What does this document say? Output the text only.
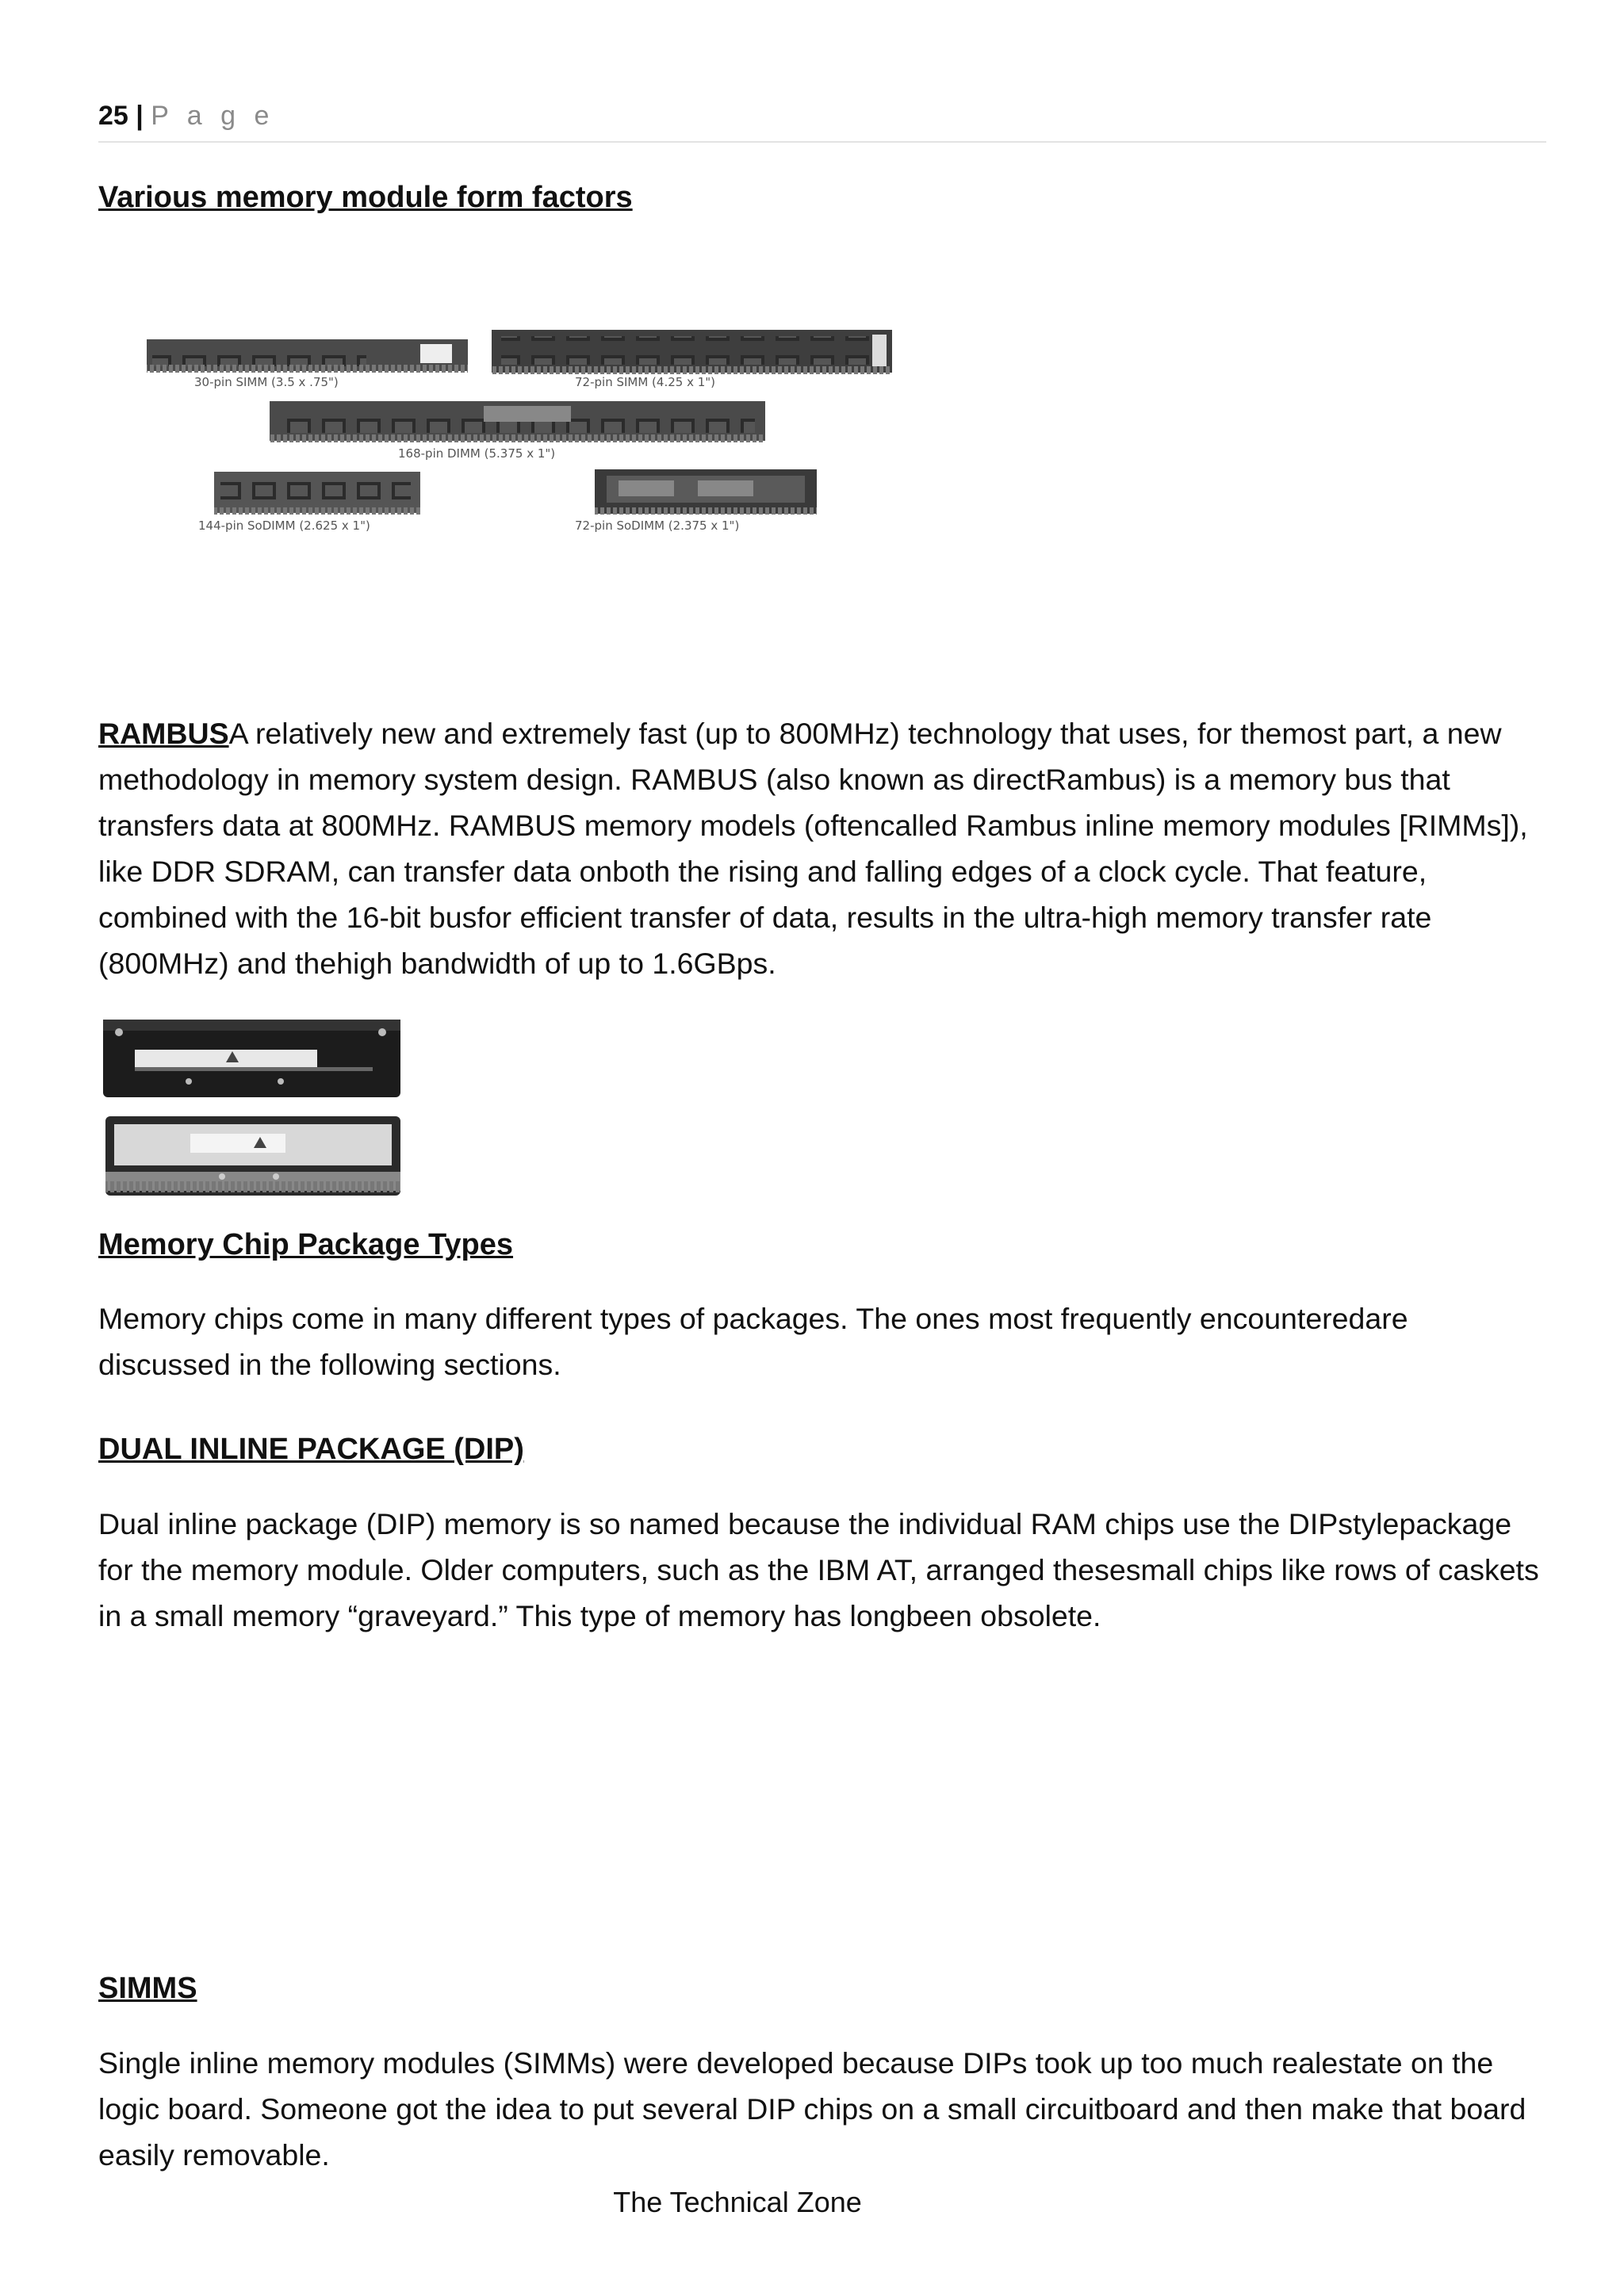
25 | P a g e
Various memory module form factors
30-pin SIMM (3.5 x .75")	72-pin SIMM (4.25 x 1")
168-pin DIMM (5.375 x 1")
144-pin SoDIMM (2.625 x 1")	72-pin SoDIMM (2.375 x 1")

RAMBUSA relatively new and extremely fast (up to 800MHz) technology that uses, for themost part, a new methodology in memory system design. RAMBUS (also known as directRambus) is a memory bus that transfers data at 800MHz. RAMBUS memory models (oftencalled Rambus inline memory modules [RIMMs]), like DDR SDRAM, can transfer data onboth the rising and falling edges of a clock cycle. That feature, combined with the 16-bit busfor efficient transfer of data, results in the ultra-high memory transfer rate (800MHz) and thehigh bandwidth of up to 1.6GBps.

Memory Chip Package Types

Memory chips come in many different types of packages. The ones most frequently encounteredare discussed in the following sections.

DUAL INLINE PACKAGE (DIP)

Dual inline package (DIP) memory is so named because the individual RAM chips use the DIPstylepackage for the memory module. Older computers, such as the IBM AT, arranged thesesmall chips like rows of caskets in a small memory “graveyard.” This type of memory has longbeen obsolete.

SIMMS

Single inline memory modules (SIMMs) were developed because DIPs took up too much realestate on the logic board. Someone got the idea to put several DIP chips on a small circuitboard and then make that board easily removable.

The Technical Zone
